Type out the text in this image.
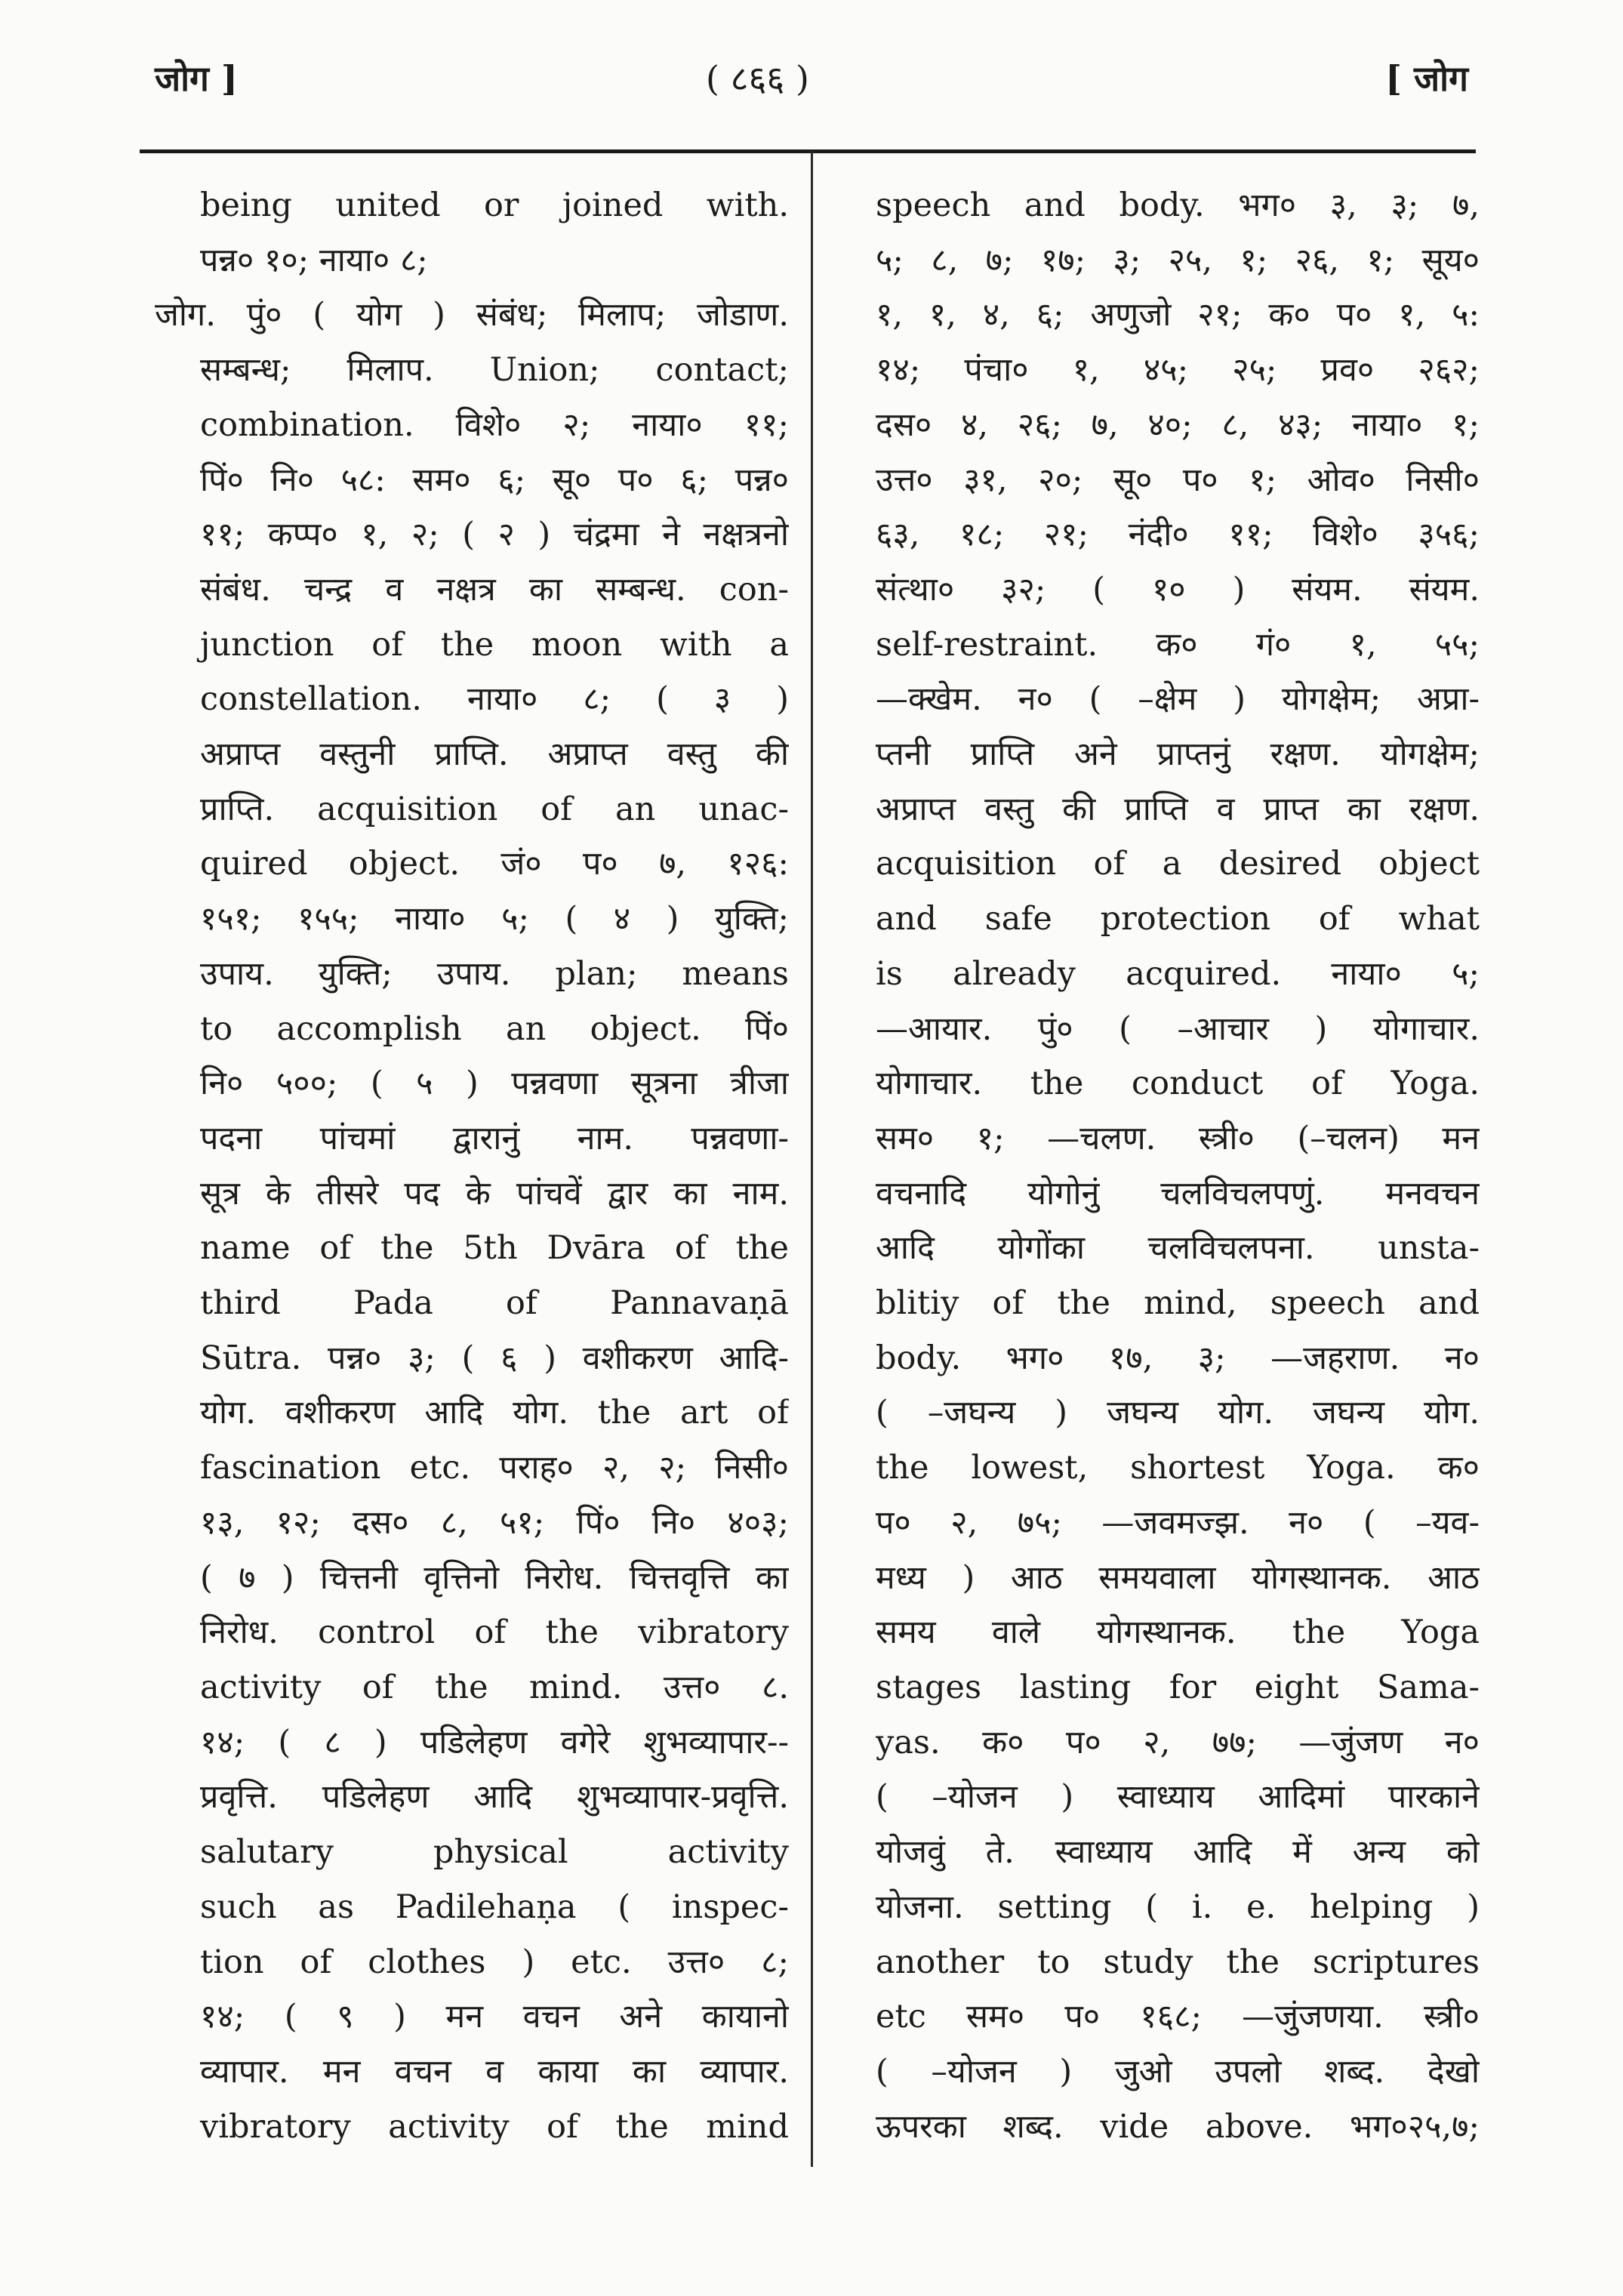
जोग ]	( ८६६ )	[ जोग
being united or joined with.
पन्न० १०; नाया० ८;
जोग. पुं० ( योग ) संबंध; मिलाप; जोडाण.
सम्बन्ध; मिलाप. Union; contact;
combination. विशे० २; नाया० ११;
पिं० नि० ५८: सम० ६; सू० प० ६; पन्न०
११; कप्प० १, २; ( २ ) चंद्रमा ने नक्षत्रनो
संबंध. चन्द्र व नक्षत्र का सम्बन्ध. con-
junction of the moon with a
constellation. नाया० ८; ( ३ )
अप्राप्त वस्तुनी प्राप्ति. अप्राप्त वस्तु की
प्राप्ति. acquisition of an unac-
quired object. जं० प० ७, १२६:
१५१; १५५; नाया० ५; ( ४ ) युक्ति;
उपाय. युक्ति; उपाय. plan; means
to accomplish an object. पिं०
नि० ५००; ( ५ ) पन्नवणा सूत्रना त्रीजा
पदना पांचमां द्वारानुं नाम. पन्नवणा-
सूत्र के तीसरे पद के पांचवें द्वार का नाम.
name of the 5th Dvāra of the
third Pada of Pannavaṇā
Sūtra. पन्न० ३; ( ६ ) वशीकरण आदि-
योग. वशीकरण आदि योग. the art of
fascination etc. पराह० २, २; निसी०
१३, १२; दस० ८, ५१; पिं० नि० ४०३;
( ७ ) चित्तनी वृत्तिनो निरोध. चित्तवृत्ति का
निरोध. control of the vibratory
activity of the mind. उत्त० ८.
१४; ( ८ ) पडिलेहण वगेरे शुभव्यापार--
प्रवृत्ति. पडिलेहण आदि शुभव्यापार-प्रवृत्ति.
salutary physical activity
such as Padilehaṇa ( inspec-
tion of clothes ) etc. उत्त० ८;
१४; ( ९ ) मन वचन अने कायानो
व्यापार. मन वचन व काया का व्यापार.
vibratory activity of the mind
speech and body. भग० ३, ३; ७,
५; ८, ७; १७; ३; २५, १; २६, १; सूय०
१, १, ४, ६; अणुजो २१; क० प० १, ५:
१४; पंचा० १, ४५; २५; प्रव० २६२;
दस० ४, २६; ७, ४०; ८, ४३; नाया० १;
उत्त० ३१, २०; सू० प० १; ओव० निसी०
६३, १८; २१; नंदी० ११; विशे० ३५६;
संत्था० ३२; ( १० ) संयम. संयम.
self-restraint. क० गं० १, ५५;
—क्खेम. न० ( –क्षेम ) योगक्षेम; अप्रा-
प्तनी प्राप्ति अने प्राप्तनुं रक्षण. योगक्षेम;
अप्राप्त वस्तु की प्राप्ति व प्राप्त का रक्षण.
acquisition of a desired object
and safe protection of what
is already acquired. नाया० ५;
—आयार. पुं० ( –आचार ) योगाचार.
योगाचार. the conduct of Yoga.
सम० १; —चलण. स्त्री० (–चलन) मन
वचनादि योगोनुं चलविचलपणुं. मनवचन
आदि योगोंका चलविचलपना. unsta-
blitiy of the mind, speech and
body. भग० १७, ३; —जहराण. न०
( –जघन्य ) जघन्य योग. जघन्य योग.
the lowest, shortest Yoga. क०
प० २, ७५; —जवमज्झ. न० ( –यव-
मध्य ) आठ समयवाला योगस्थानक. आठ
समय वाले योगस्थानक. the Yoga
stages lasting for eight Sama-
yas. क० प० २, ७७; —जुंजण न०
( –योजन ) स्वाध्याय आदिमां पारकाने
योजवुं ते. स्वाध्याय आदि में अन्य को
योजना. setting ( i. e. helping )
another to study the scriptures
etc सम० प० १६८; —जुंजणया. स्त्री०
( –योजन ) जुओ उपलो शब्द. देखो
ऊपरका शब्द. vide above. भग०२५,७;
